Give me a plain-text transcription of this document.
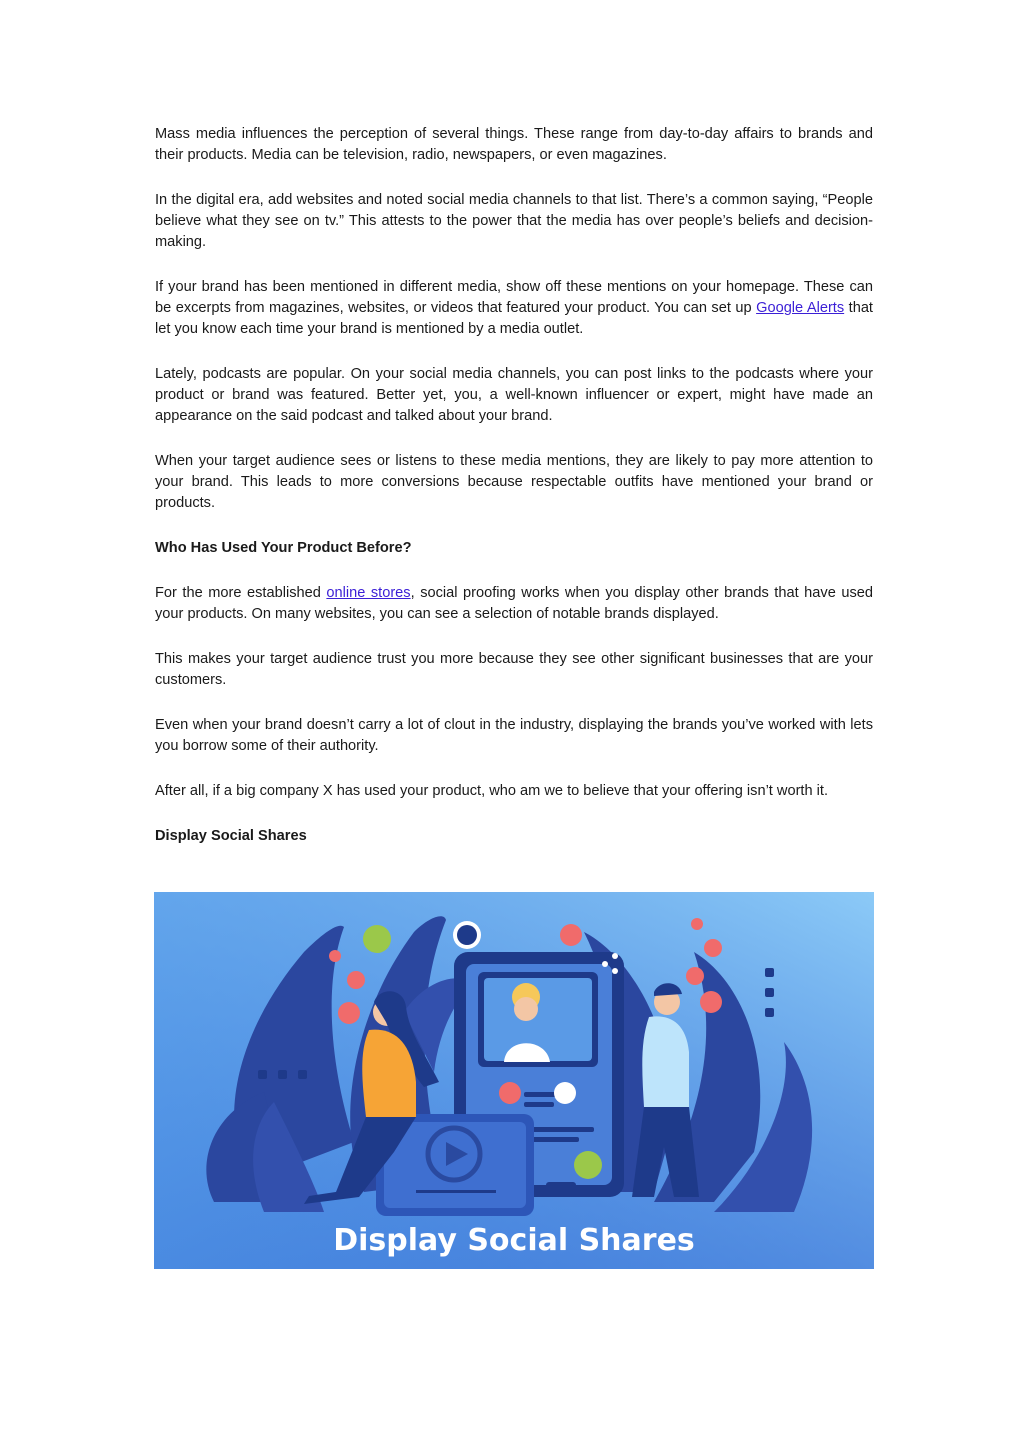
Mass media influences the perception of several things. These range from day-to-day affairs to brands and their products. Media can be television, radio, newspapers, or even magazines.

In the digital era, add websites and noted social media channels to that list. There’s a common saying, “People believe what they see on tv.” This attests to the power that the media has over people’s beliefs and decision-making.

If your brand has been mentioned in different media, show off these mentions on your homepage. These can be excerpts from magazines, websites, or videos that featured your product. You can set up Google Alerts that let you know each time your brand is mentioned by a media outlet.

Lately, podcasts are popular. On your social media channels, you can post links to the podcasts where your product or brand was featured. Better yet, you, a well-known influencer or expert, might have made an appearance on the said podcast and talked about your brand.

When your target audience sees or listens to these media mentions, they are likely to pay more attention to your brand. This leads to more conversions because respectable outfits have mentioned your brand or products.

Who Has Used Your Product Before?

For the more established online stores, social proofing works when you display other brands that have used your products. On many websites, you can see a selection of notable brands displayed.

This makes your target audience trust you more because they see other significant businesses that are your customers.

Even when your brand doesn’t carry a lot of clout in the industry, displaying the brands you’ve worked with lets you borrow some of their authority.

After all, if a big company X has used your product, who am we to believe that your offering isn’t worth it.

Display Social Shares
Display Social Shares
